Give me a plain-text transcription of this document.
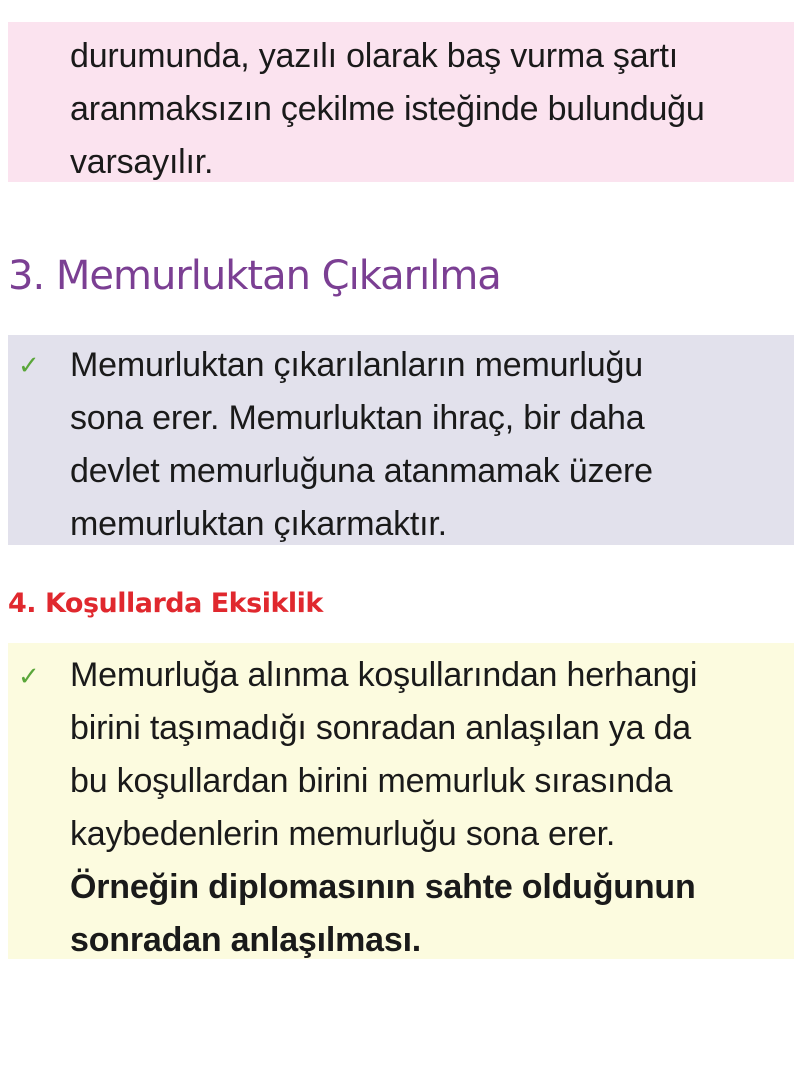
durumunda, yazılı olarak baş vurma şartı
aranmaksızın çekilme isteğinde bulunduğu
varsayılır.

3. Memurluktan Çıkarılma
✓ Memurluktan çıkarılanların memurluğu
sona erer. Memurluktan ihraç, bir daha
devlet memurluğuna atanmamak üzere
memurluktan çıkarmaktır.

4. Koşullarda Eksiklik
✓ Memurluğa alınma koşullarından herhangi
birini taşımadığı sonradan anlaşılan ya da
bu koşullardan birini memurluk sırasında
kaybedenlerin memurluğu sona erer.
Örneğin diplomasının sahte olduğunun
sonradan anlaşılması.
